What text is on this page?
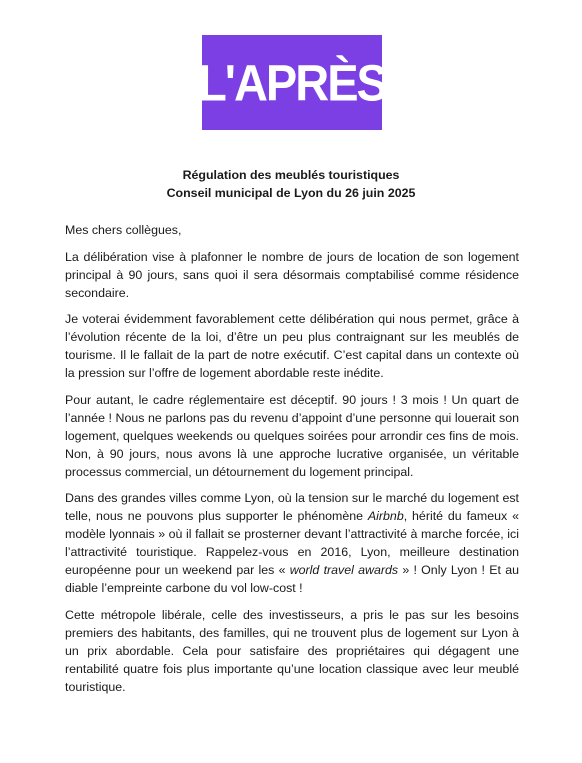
L'APRÈS
Régulation des meublés touristiques
Conseil municipal de Lyon du 26 juin 2025

Mes chers collègues,

La délibération vise à plafonner le nombre de jours de location de son logement principal à 90 jours, sans quoi il sera désormais comptabilisé comme résidence secondaire.

Je voterai évidemment favorablement cette délibération qui nous permet, grâce à l’évolution récente de la loi, d’être un peu plus contraignant sur les meublés de tourisme. Il le fallait de la part de notre exécutif. C’est capital dans un contexte où la pression sur l’offre de logement abordable reste inédite.

Pour autant, le cadre réglementaire est déceptif. 90 jours ! 3 mois ! Un quart de l’année ! Nous ne parlons pas du revenu d’appoint d’une personne qui louerait son logement, quelques weekends ou quelques soirées pour arrondir ces fins de mois. Non, à 90 jours, nous avons là une approche lucrative organisée, un véritable processus commercial, un détournement du logement principal.

Dans des grandes villes comme Lyon, où la tension sur le marché du logement est telle, nous ne pouvons plus supporter le phénomène Airbnb, hérité du fameux « modèle lyonnais » où il fallait se prosterner devant l’attractivité à marche forcée, ici l’attractivité touristique. Rappelez-vous en 2016, Lyon, meilleure destination européenne pour un weekend par les « world travel awards » ! Only Lyon ! Et au diable l’empreinte carbone du vol low-cost !

Cette métropole libérale, celle des investisseurs, a pris le pas sur les besoins premiers des habitants, des familles, qui ne trouvent plus de logement sur Lyon à un prix abordable. Cela pour satisfaire des propriétaires qui dégagent une rentabilité quatre fois plus importante qu’une location classique avec leur meublé touristique.
